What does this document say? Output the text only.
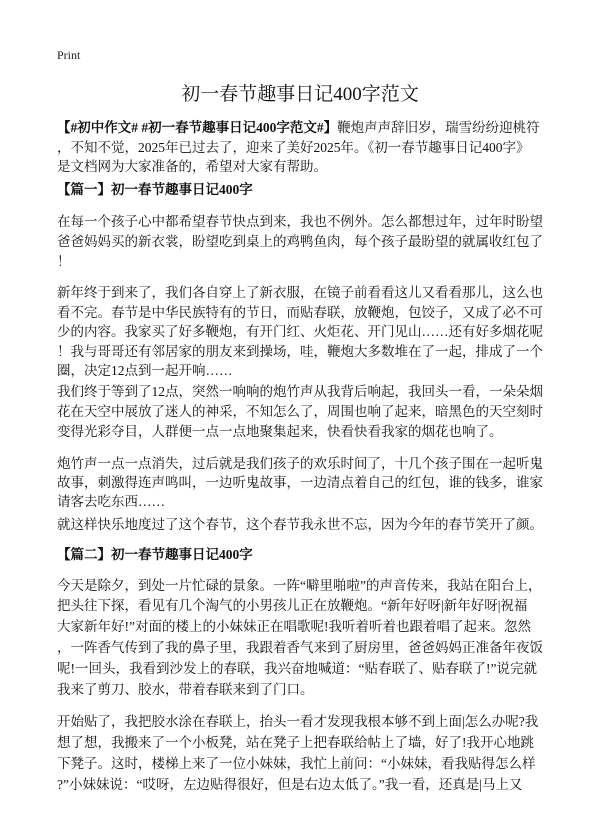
Print
初一春节趣事日记400字范文
【#初中作文# #初一春节趣事日记400字范文#】鞭炮声声辞旧岁，瑞雪纷纷迎桃符
，不知不觉，2025年已过去了，迎来了美好2025年。《初一春节趣事日记400字》
是文档网为大家准备的，希望对大家有帮助。
【篇一】初一春节趣事日记400字
在每一个孩子心中都希望春节快点到来，我也不例外。怎么都想过年，过年时盼望
爸爸妈妈买的新衣裳，盼望吃到桌上的鸡鸭鱼肉，每个孩子最盼望的就属收红包了
！
新年终于到来了，我们各自穿上了新衣服，在镜子前看看这儿又看看那儿，这么也
看不完。春节是中华民族特有的节日，而贴春联，放鞭炮，包饺子，又成了必不可
少的内容。我家买了好多鞭炮，有开门红、火炬花、开门见山……还有好多烟花呢
！我与哥哥还有邻居家的朋友来到操场，哇，鞭炮大多数堆在了一起，排成了一个
圈，决定12点到一起开响……
我们终于等到了12点，突然一响响的炮竹声从我背后响起，我回头一看，一朵朵烟
花在天空中展放了迷人的神采，不知怎么了，周围也响了起来，暗黑色的天空刻时
变得光彩夺目，人群便一点一点地聚集起来，快看快看我家的烟花也响了。
炮竹声一点一点消失，过后就是我们孩子的欢乐时间了，十几个孩子围在一起听鬼
故事，刺激得连声鸣叫，一边听鬼故事，一边清点着自己的红包，谁的钱多，谁家
请客去吃东西……
就这样快乐地度过了这个春节，这个春节我永世不忘，因为今年的春节笑开了颜。
【篇二】初一春节趣事日记400字
今天是除夕，到处一片忙碌的景象。一阵“噼里啪啦”的声音传来，我站在阳台上，
把头往下探，看见有几个淘气的小男孩儿正在放鞭炮。“新年好呀|新年好呀|祝福
大家新年好!”对面的楼上的小妹妹正在唱歌呢!我听着听着也跟着唱了起来。忽然
，一阵香气传到了我的鼻子里，我跟着香气来到了厨房里，爸爸妈妈正准备年夜饭
呢!一回头，我看到沙发上的春联，我兴奋地喊道：“贴春联了、贴春联了!”说完就
我来了剪刀、胶水，带着春联来到了门口。
开始贴了，我把胶水涂在春联上，抬头一看才发现我根本够不到上面|怎么办呢?我
想了想，我搬来了一个小板凳，站在凳子上把春联给帖上了墙，好了!我开心地跳
下凳子。这时，楼梯上来了一位小妹妹，我忙上前问：“小妹妹，看我贴得怎么样
?”小妹妹说：“哎呀，左边贴得很好，但是右边太低了。”我一看，还真是|马上又
